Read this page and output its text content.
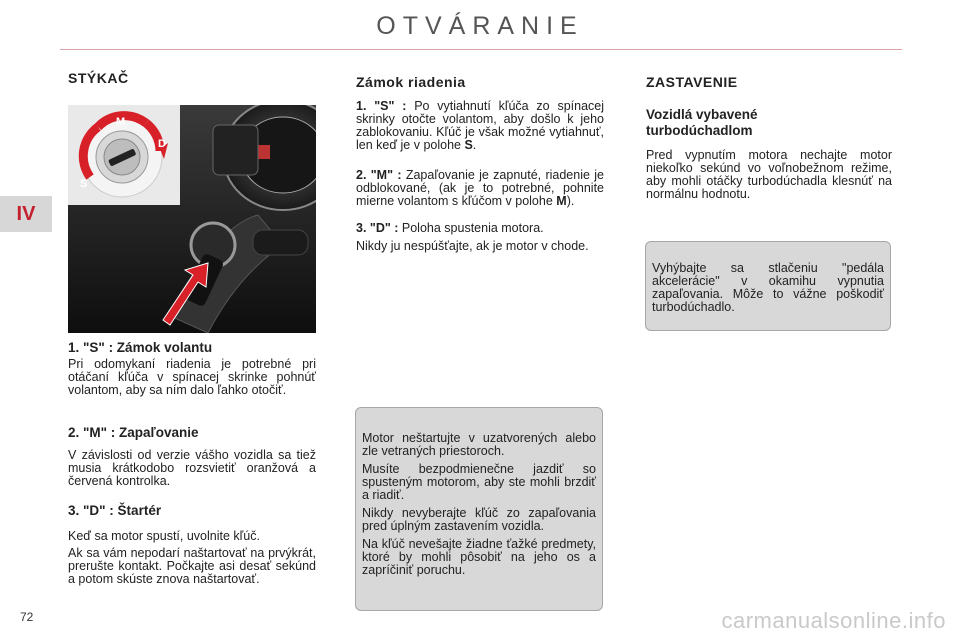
OTVÁRANIE
IV
STÝKAČ
S
M
D
1. "S" : Zámok volantu

Pri odomykaní riadenia je potrebné pri otáčaní kľúča v spínacej skrinke pohnúť volantom, aby sa ním dalo ľahko otočiť.

2. "M" : Zapaľovanie

V závislosti od verzie vášho vozidla sa tiež musia krátkodobo rozsvietiť oranžová a červená kontrolka.

3. "D" : Štartér

Keď sa motor spustí, uvolnite kľúč.

Ak sa vám nepodarí naštartovať na prvýkrát, prerušte kontakt. Počkajte asi desať sekúnd a potom skúste znova naštartovať.

Zámok riadenia

1. "S" : Po vytiahnutí kľúča zo spínacej skrinky otočte volantom, aby došlo k jeho zablokovaniu. Kľúč je však možné vytiahnuť, len keď je v polohe S.

2. "M" : Zapaľovanie je zapnuté, riadenie je odblokované, (ak je to potrebné, pohnite mierne volantom s kľúčom v polohe M).

3. "D" : Poloha spustenia motora.

Nikdy ju nespúšťajte, ak je motor v chode.

Motor neštartujte v uzatvorených alebo zle vetraných priestoroch.

Musíte bezpodmienečne jazdiť so spusteným motorom, aby ste mohli brzdiť a riadiť.

Nikdy nevyberajte kľúč zo zapaľovania pred úplným zastavením vozidla.

Na kľúč nevešajte žiadne ťažké predmety, ktoré by mohli pôsobiť na jeho os a zapríčiniť poruchu.

ZASTAVENIE
Vozidlá vybavené turbodúchadlom

Pred vypnutím motora nechajte motor niekoľko sekúnd vo voľnobežnom režime, aby mohli otáčky turbodúchadla klesnúť na normálnu hodnotu.

Vyhýbajte sa stlačeniu "pedála akcelerácie" v okamihu vypnutia zapaľovania. Môže to vážne poškodiť turbodúchadlo.

72	carmanualsonline.info
